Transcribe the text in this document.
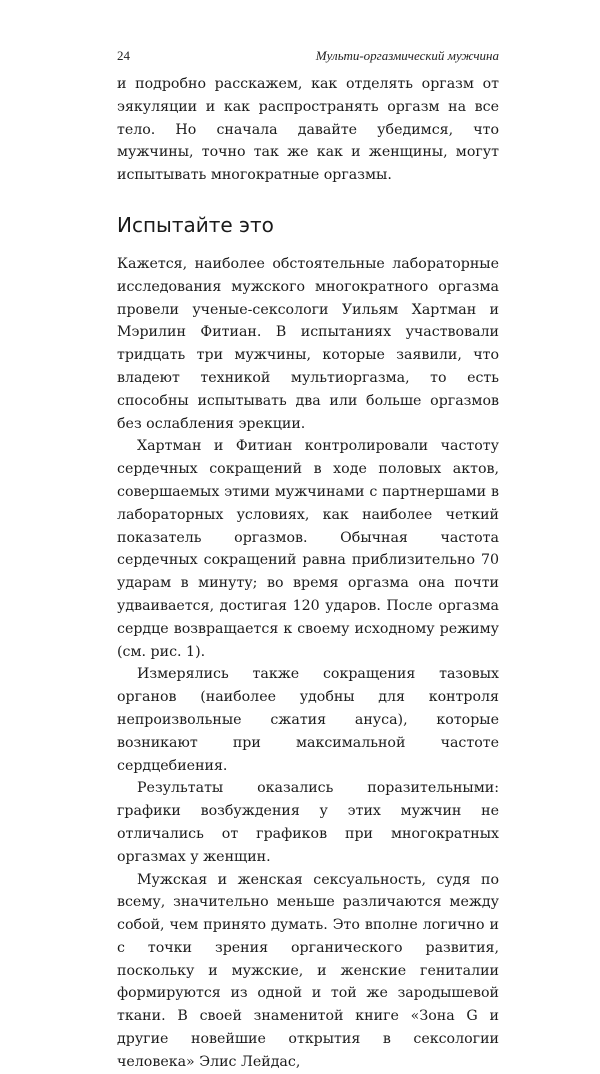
24	Мульти-оргазмический мужчина

и подробно расскажем, как отделять оргазм от эякуляции и как распространять оргазм на все тело. Но сначала давайте убедимся, что мужчины, точно так же как и женщины, могут испытывать многократные оргазмы.

Испытайте это

Кажется, наиболее обстоятельные лабораторные исследования мужского многократного оргазма провели ученые-сексологи Уильям Хартман и Мэрилин Фитиан. В испытаниях участвовали тридцать три мужчины, которые заявили, что владеют техникой мультиоргазма, то есть способны испытывать два или больше оргазмов без ослабления эрекции.

Хартман и Фитиан контролировали частоту сердечных сокращений в ходе половых актов, совершаемых этими мужчинами с партнершами в лабораторных условиях, как наиболее четкий показатель оргазмов. Обычная частота сердечных сокращений равна приблизительно 70 ударам в минуту; во время оргазма она почти удваивается, достигая 120 ударов. После оргазма сердце возвращается к своему исходному режиму (см. рис. 1).

Измерялись также сокращения тазовых органов (наиболее удобны для контроля непроизвольные сжатия ануса), которые возникают при максимальной частоте сердцебиения.

Результаты оказались поразительными: графики возбуждения у этих мужчин не отличались от графиков при многократных оргазмах у женщин.

Мужская и женская сексуальность, судя по всему, значительно меньше различаются между собой, чем принято думать. Это вполне логично и с точки зрения органического развития, поскольку и мужские, и женские гениталии формируются из одной и той же зародышевой ткани. В своей знаменитой книге «Зона G и другие новейшие открытия в сексологии человека» Элис Лейдас,
